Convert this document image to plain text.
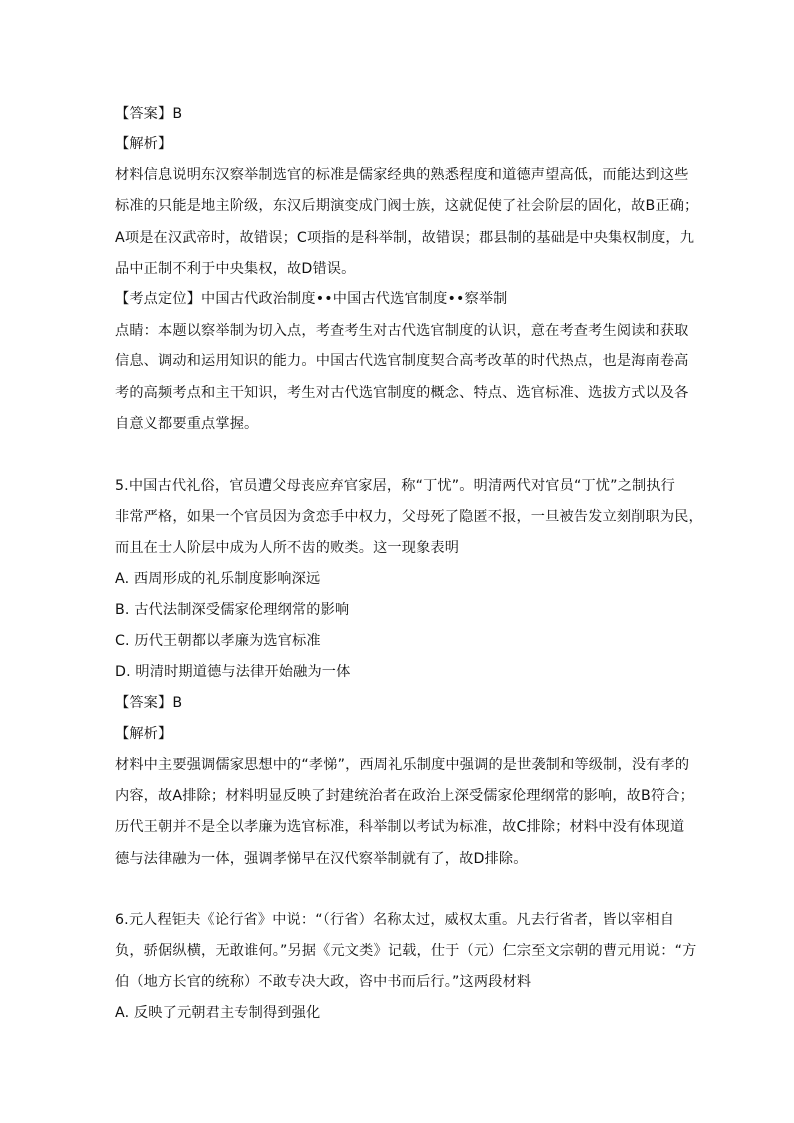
【答案】B
【解析】
材料信息说明东汉察举制选官的标准是儒家经典的熟悉程度和道德声望高低，而能达到这些
标准的只能是地主阶级，东汉后期演变成门阀士族，这就促使了社会阶层的固化，故B正确；
A项是在汉武帝时，故错误；C项指的是科举制，故错误；郡县制的基础是中央集权制度，九
品中正制不利于中央集权，故D错误。
【考点定位】中国古代政治制度••中国古代选官制度••察举制
点睛：本题以察举制为切入点，考查考生对古代选官制度的认识，意在考查考生阅读和获取
信息、调动和运用知识的能力。中国古代选官制度契合高考改革的时代热点，也是海南卷高
考的高频考点和主干知识，考生对古代选官制度的概念、特点、选官标准、选拔方式以及各
自意义都要重点掌握。
5.中国古代礼俗，官员遭父母丧应弃官家居，称“丁忧”。明清两代对官员“丁忧”之制执行
非常严格，如果一个官员因为贪恋手中权力，父母死了隐匿不报，一旦被告发立刻削职为民，
而且在士人阶层中成为人所不齿的败类。这一现象表明
A. 西周形成的礼乐制度影响深远
B. 古代法制深受儒家伦理纲常的影响
C. 历代王朝都以孝廉为选官标准
D. 明清时期道德与法律开始融为一体
【答案】B
【解析】
材料中主要强调儒家思想中的“孝悌”，西周礼乐制度中强调的是世袭制和等级制，没有孝的
内容，故A排除；材料明显反映了封建统治者在政治上深受儒家伦理纲常的影响，故B符合；
历代王朝并不是全以孝廉为选官标准，科举制以考试为标准，故C排除；材料中没有体现道
德与法律融为一体，强调孝悌早在汉代察举制就有了，故D排除。
6.元人程钜夫《论行省》中说：“（行省）名称太过，威权太重。凡去行省者，皆以宰相自
负，骄倨纵横，无敢谁何。”另据《元文类》记载，仕于（元）仁宗至文宗朝的曹元用说：“方
伯（地方长官的统称）不敢专决大政，咨中书而后行。”这两段材料
A. 反映了元朝君主专制得到强化
